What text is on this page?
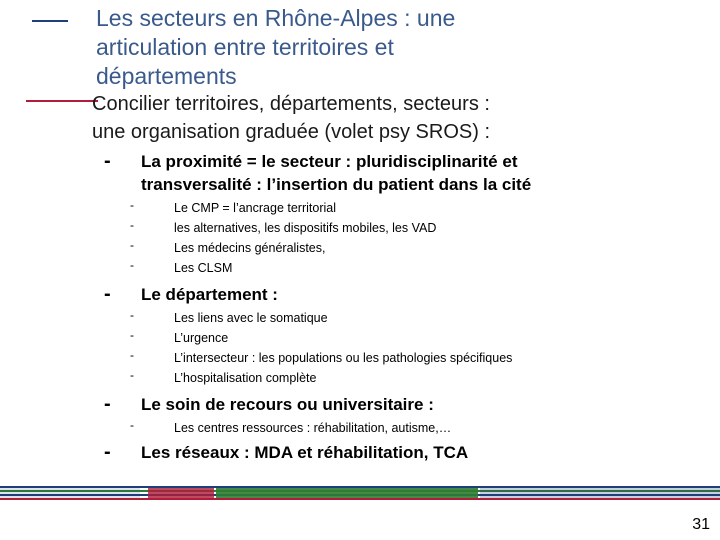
Les secteurs en Rhône-Alpes : une
articulation entre territoires et
départements
Concilier territoires, départements, secteurs :
une organisation graduée (volet psy SROS) :
- La proximité = le secteur : pluridisciplinarité et
transversalité : l’insertion du patient dans la cité
-	Le CMP = l’ancrage territorial
-	les alternatives, les dispositifs mobiles, les VAD
-	Les médecins généralistes,
-	Les CLSM
- Le département :
-	Les liens avec le somatique
-	L’urgence
-	L’intersecteur : les populations ou les pathologies spécifiques
-	L’hospitalisation complète
- Le soin de recours ou universitaire :
-	Les centres ressources : réhabilitation, autisme,…
- Les réseaux : MDA et réhabilitation, TCA
31
